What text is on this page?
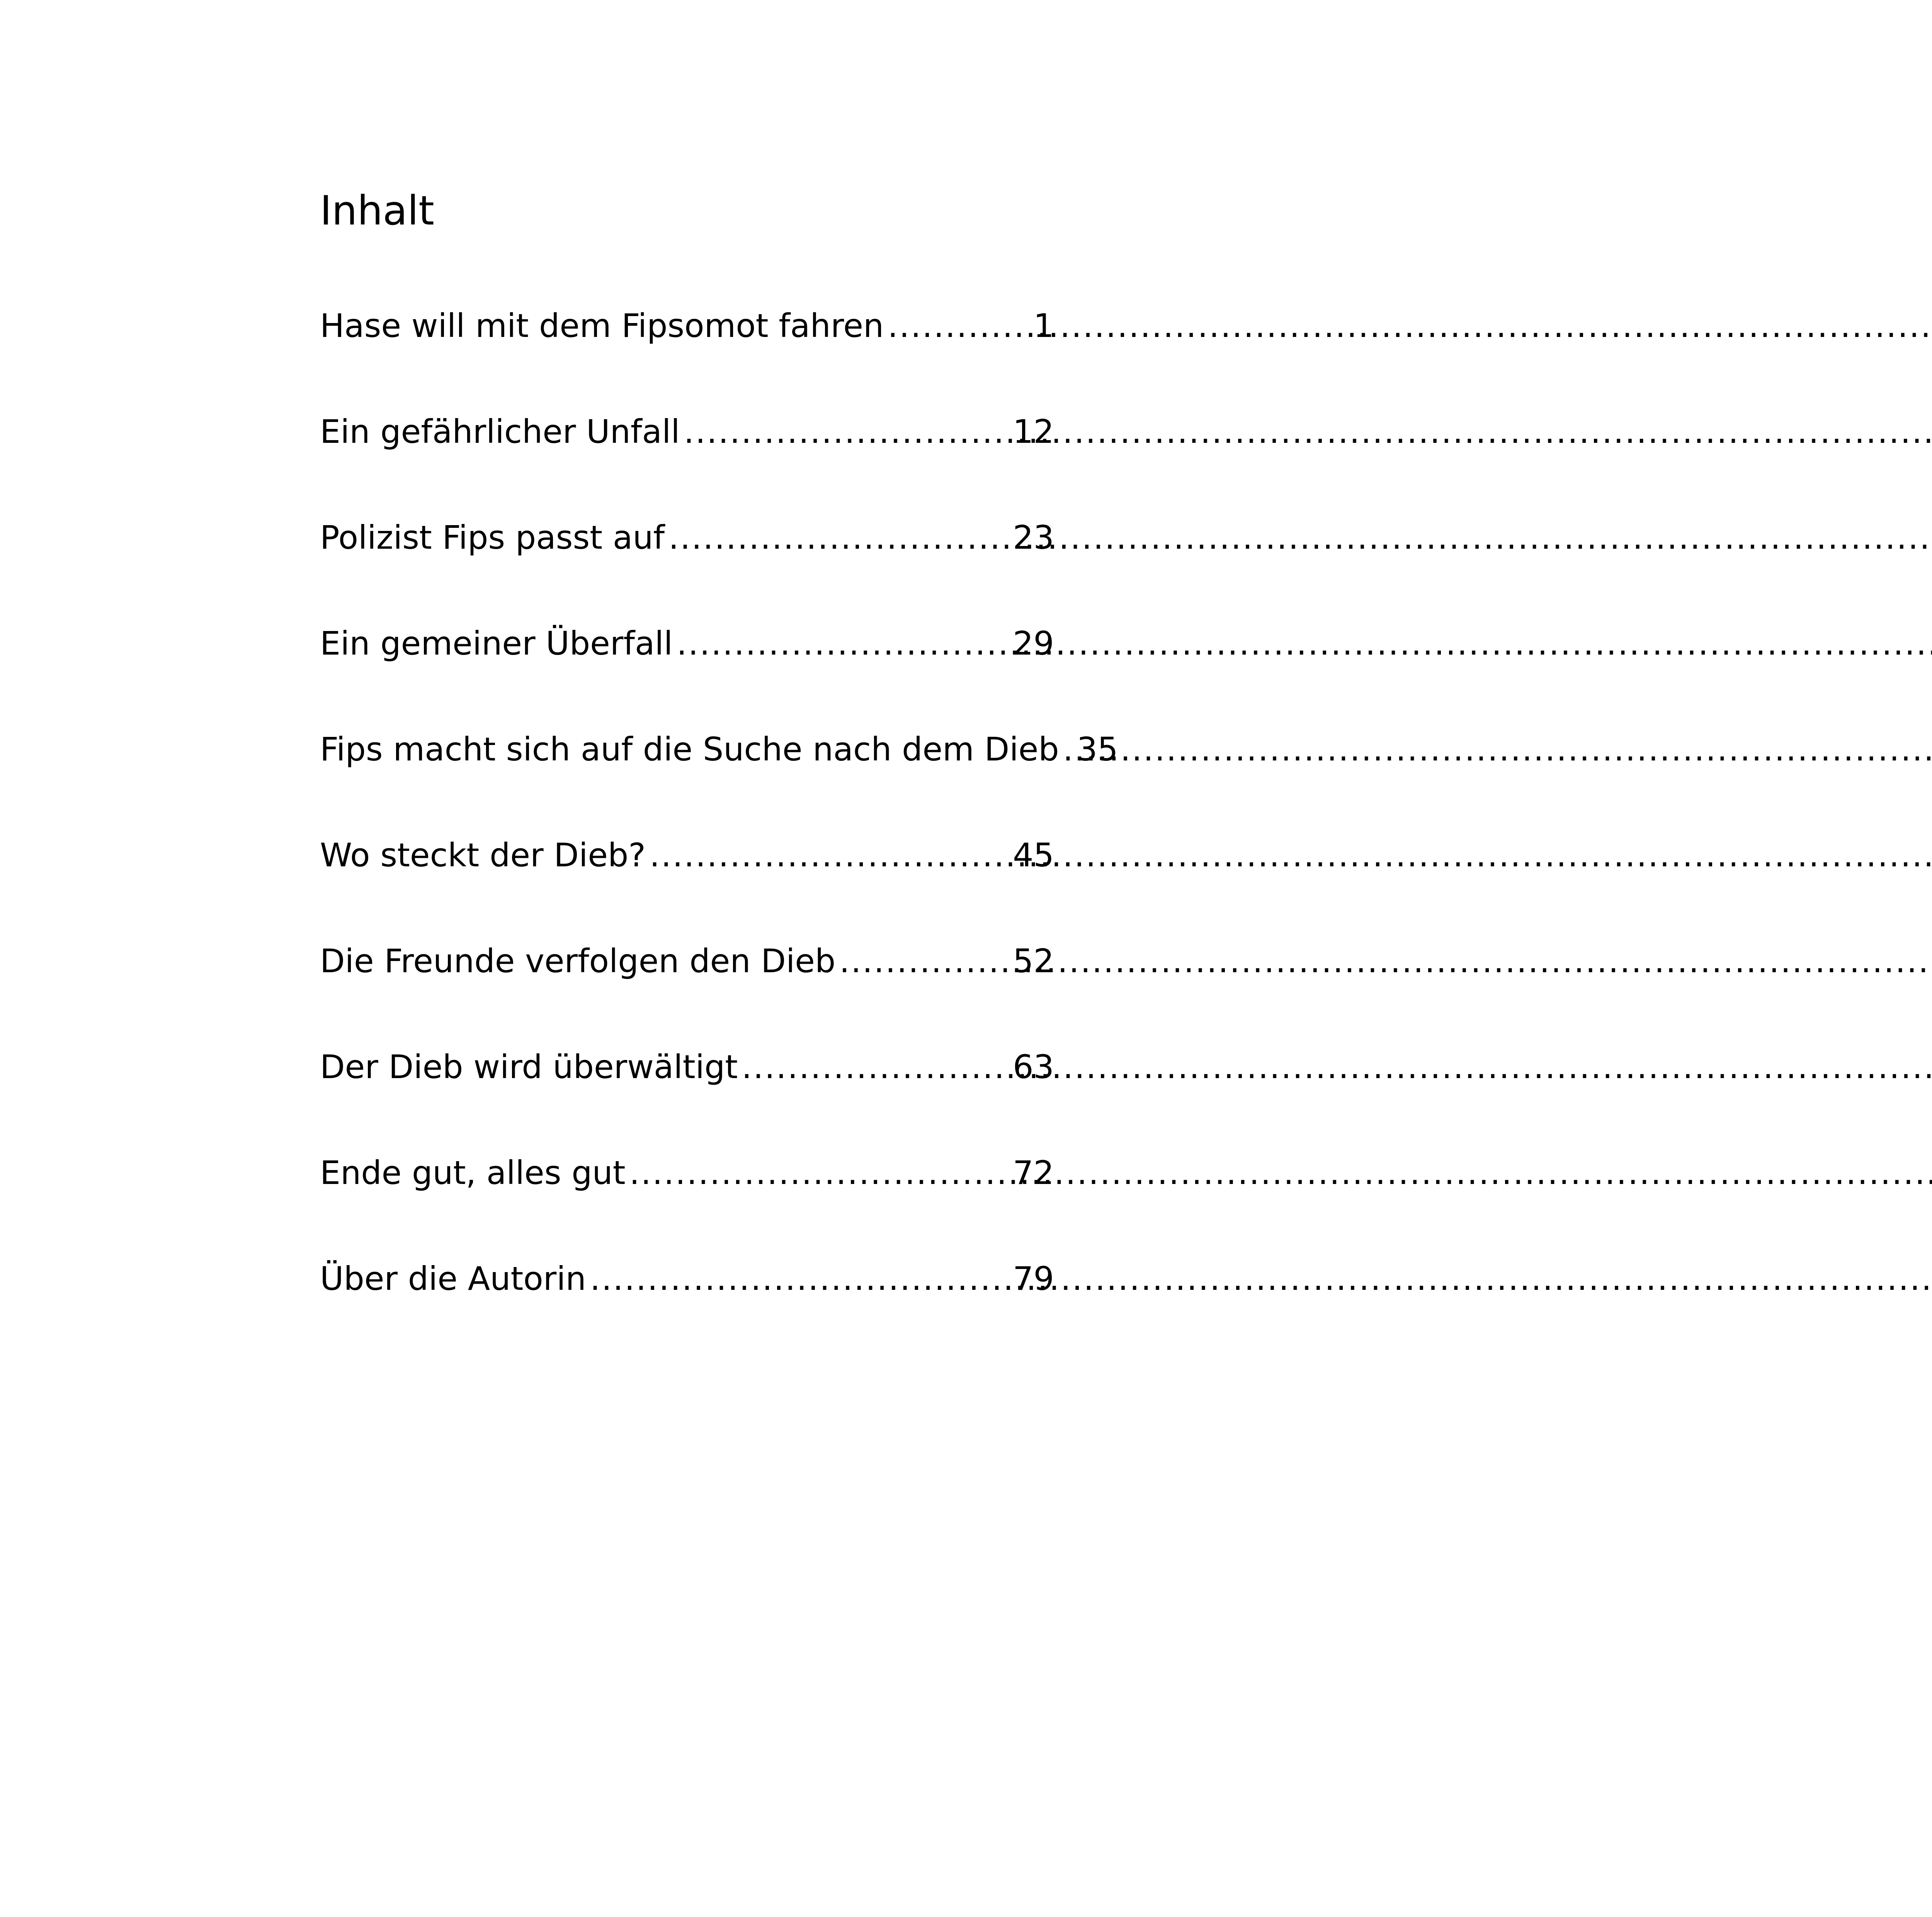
Inhalt
Hase will mit dem Fipsomot fahren .....	1
Ein gefährlicher Unfall .....	12
Polizist Fips passt auf .....	23
Ein gemeiner Überfall .....	29
Fips macht sich auf die Suche nach dem Dieb ..... 35
Wo steckt der Dieb? .....	45
Die Freunde verfolgen den Dieb .....	52
Der Dieb wird überwältigt .....	63
Ende gut, alles gut .....	72
Über die Autorin .....	79
